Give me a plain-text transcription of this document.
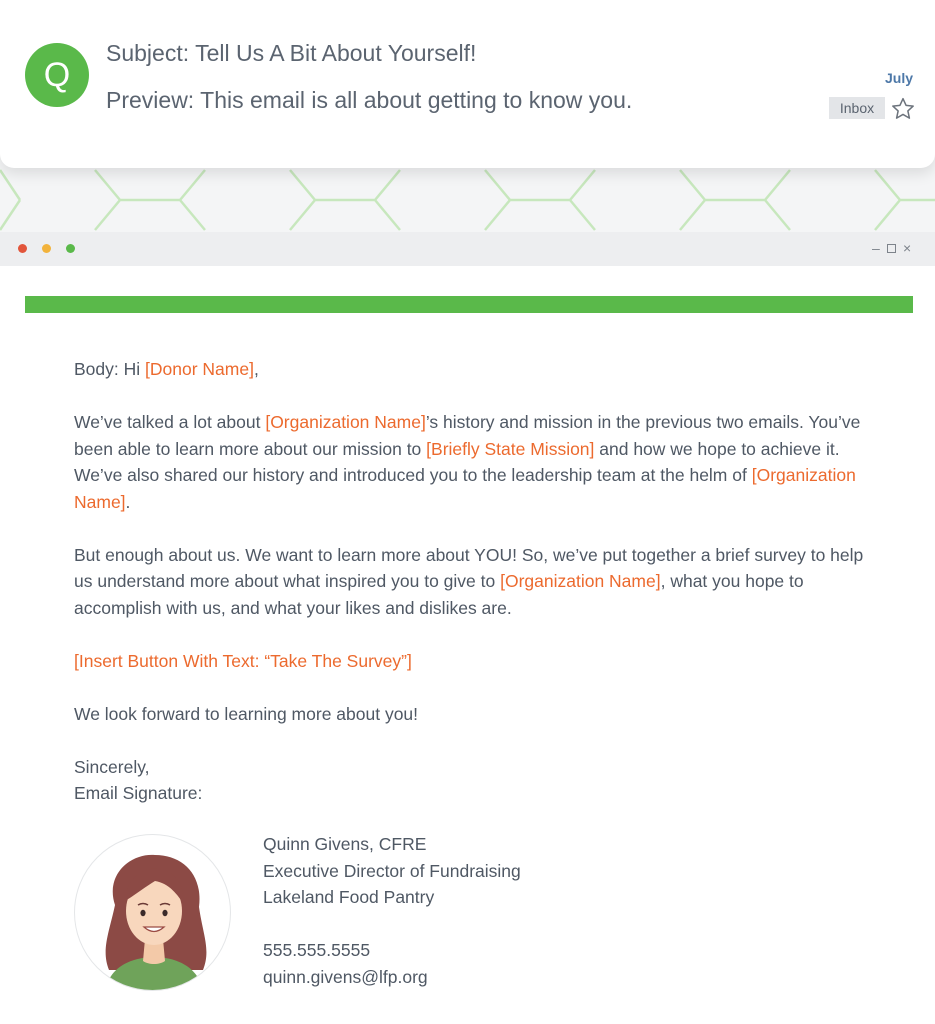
Q
Subject: Tell Us A Bit About Yourself!
Preview: This email is all about getting to know you.
July
Inbox
– ×

Body: Hi [Donor Name],

We’ve talked a lot about [Organization Name]’s history and mission in the previous two emails. You’ve been able to learn more about our mission to [Briefly State Mission] and how we hope to achieve it. We’ve also shared our history and introduced you to the leadership team at the helm of [Organization Name].

But enough about us. We want to learn more about YOU! So, we’ve put together a brief survey to help us understand more about what inspired you to give to [Organization Name], what you hope to accomplish with us, and what your likes and dislikes are.

[Insert Button With Text: “Take The Survey”]

We look forward to learning more about you!

Sincerely,
Email Signature:
Quinn Givens, CFRE
Executive Director of Fundraising
Lakeland Food Pantry
555.555.5555
quinn.givens@lfp.org
